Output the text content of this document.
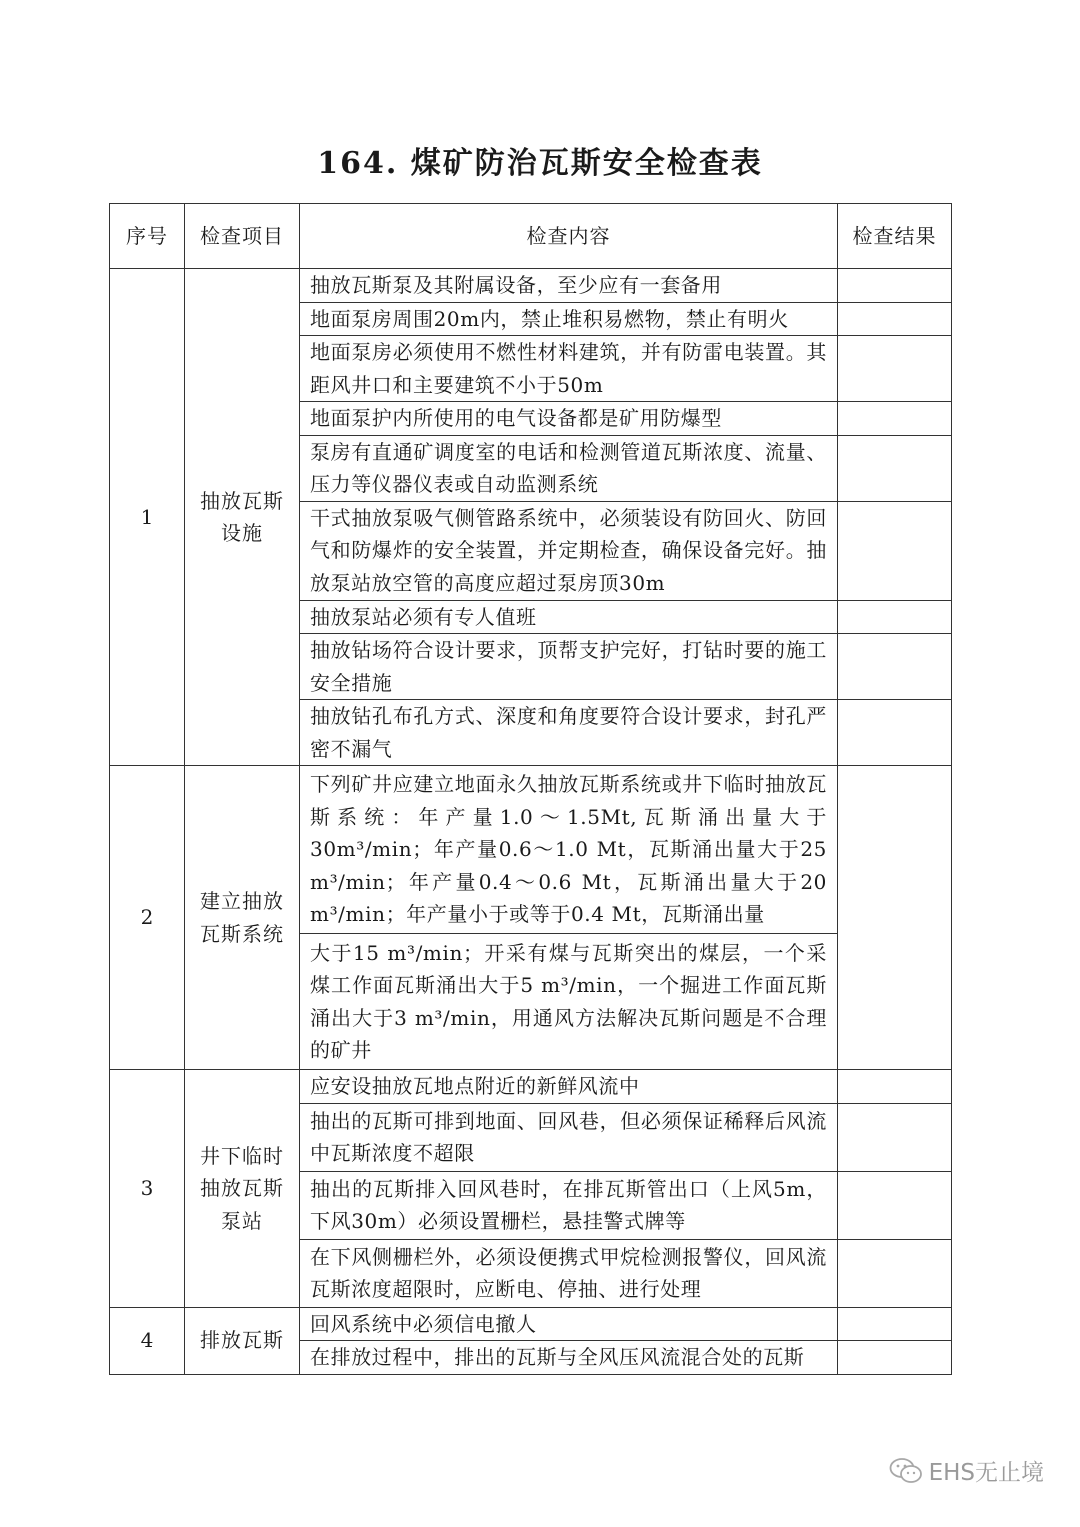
164. 煤矿防治瓦斯安全检查表
序号	检查项目	检查内容	检查结果
1	抽放瓦斯设施	抽放瓦斯泵及其附属设备，至少应有一套备用	
		地面泵房周围20m内，禁止堆积易燃物，禁止有明火	
		地面泵房必须使用不燃性材料建筑，并有防雷电装置。其距风井口和主要建筑不小于50m	
		地面泵护内所使用的电气设备都是矿用防爆型	
		泵房有直通矿调度室的电话和检测管道瓦斯浓度、流量、压力等仪器仪表或自动监测系统	
		干式抽放泵吸气侧管路系统中，必须装设有防回火、防回气和防爆炸的安全装置，并定期检查，确保设备完好。抽放泵站放空管的高度应超过泵房顶30m	
		抽放泵站必须有专人值班	
		抽放钻场符合设计要求，顶帮支护完好，打钻时要的施工安全措施	
		抽放钻孔布孔方式、深度和角度要符合设计要求，封孔严密不漏气	
2	建立抽放瓦斯系统	下列矿井应建立地面永久抽放瓦斯系统或井下临时抽放瓦斯系统：年产量1.0～1.5Mt,瓦斯涌出量大于30m³/min；年产量0.6～1.0 Mt，瓦斯涌出量大于25 m³/min；年产量0.4～0.6 Mt，瓦斯涌出量大于20 m³/min；年产量小于或等于0.4 Mt，瓦斯涌出量	
		大于15 m³/min；开采有煤与瓦斯突出的煤层，一个采煤工作面瓦斯涌出大于5 m³/min，一个掘进工作面瓦斯涌出大于3 m³/min，用通风方法解决瓦斯问题是不合理的矿井	
3	井下临时抽放瓦斯泵站	应安设抽放瓦地点附近的新鲜风流中	
		抽出的瓦斯可排到地面、回风巷，但必须保证稀释后风流中瓦斯浓度不超限	
		抽出的瓦斯排入回风巷时，在排瓦斯管出口（上风5m，下风30m）必须设置栅栏，悬挂警式牌等	
		在下风侧栅栏外，必须设便携式甲烷检测报警仪，回风流瓦斯浓度超限时，应断电、停抽、进行处理	
4	排放瓦斯	回风系统中必须信电撤人	
		在排放过程中，排出的瓦斯与全风压风流混合处的瓦斯	
EHS无止境
